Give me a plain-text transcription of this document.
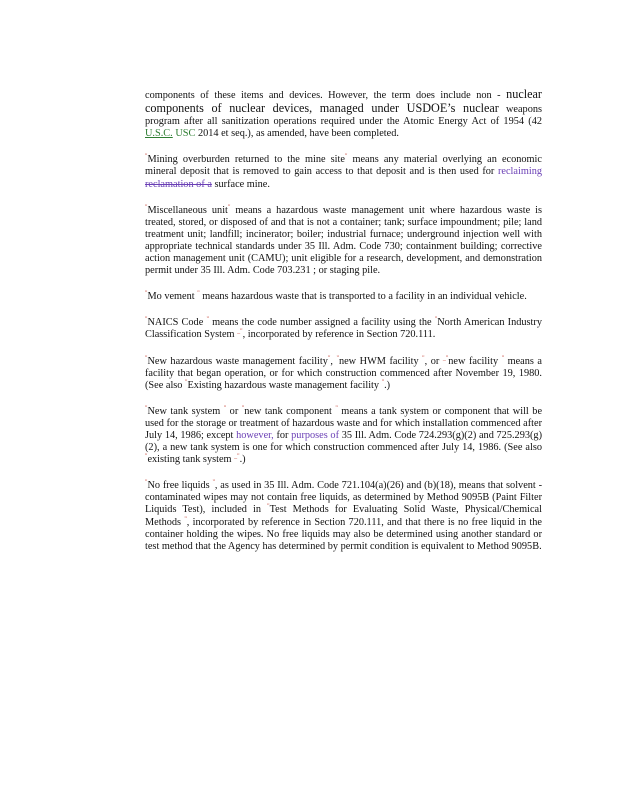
components of these items and devices. However, the term does include non - nuclear components of nuclear devices, managed under USDOE’s nuclear weapons program after all sanitization operations required under the Atomic Energy Act of 1954 (42 U.S.C. USC 2014 et seq.), as amended, have been completed.

"Mining overburden returned to the mine site" means any material overlying an economic mineral deposit that is removed to gain access to that deposit and is then used for reclaiming reclamation of a surface mine.

"Miscellaneous unit" means a hazardous waste management unit where hazardous waste is treated, stored, or disposed of and that is not a container; tank; surface impoundment; pile; land treatment unit; landfill; incinerator; boiler; industrial furnace; underground injection well with appropriate technical standards under 35 Ill. Adm. Code 730; containment building; corrective action management unit (CAMU); unit eligible for a research, development, and demonstration permit under 35 Ill. Adm. Code 703.231 ; or staging pile.

"Mo vement " means hazardous waste that is transported to a facility in an individual vehicle.

"NAICS Code " means the code number assigned a facility using the "North American Industry Classification System _", incorporated by reference in Section 720.111.

"New hazardous waste management facility", "new HWM facility ", or _"new facility " means a facility that began operation, or for which construction commenced after November 19, 1980. (See also "Existing hazardous waste management facility ".)

"New tank system " or "new tank component " means a tank system or component that will be used for the storage or treatment of hazardous waste and for which installation commenced after July 14, 1986; except however, for purposes of 35 Ill. Adm. Code 724.293(g)(2) and 725.293(g)(2), a new tank system is one for which construction commenced after July 14, 1986. (See also "existing tank system _".)

"No free liquids ", as used in 35 Ill. Adm. Code 721.104(a)(26) and (b)(18), means that solvent -contaminated wipes may not contain free liquids, as determined by Method 9095B (Paint Filter Liquids Test), included in "Test Methods for Evaluating Solid Waste, Physical/Chemical Methods ", incorporated by reference in Section 720.111, and that there is no free liquid in the container holding the wipes. No free liquids may also be determined using another standard or test method that the Agency has determined by permit condition is equivalent to Method 9095B.
